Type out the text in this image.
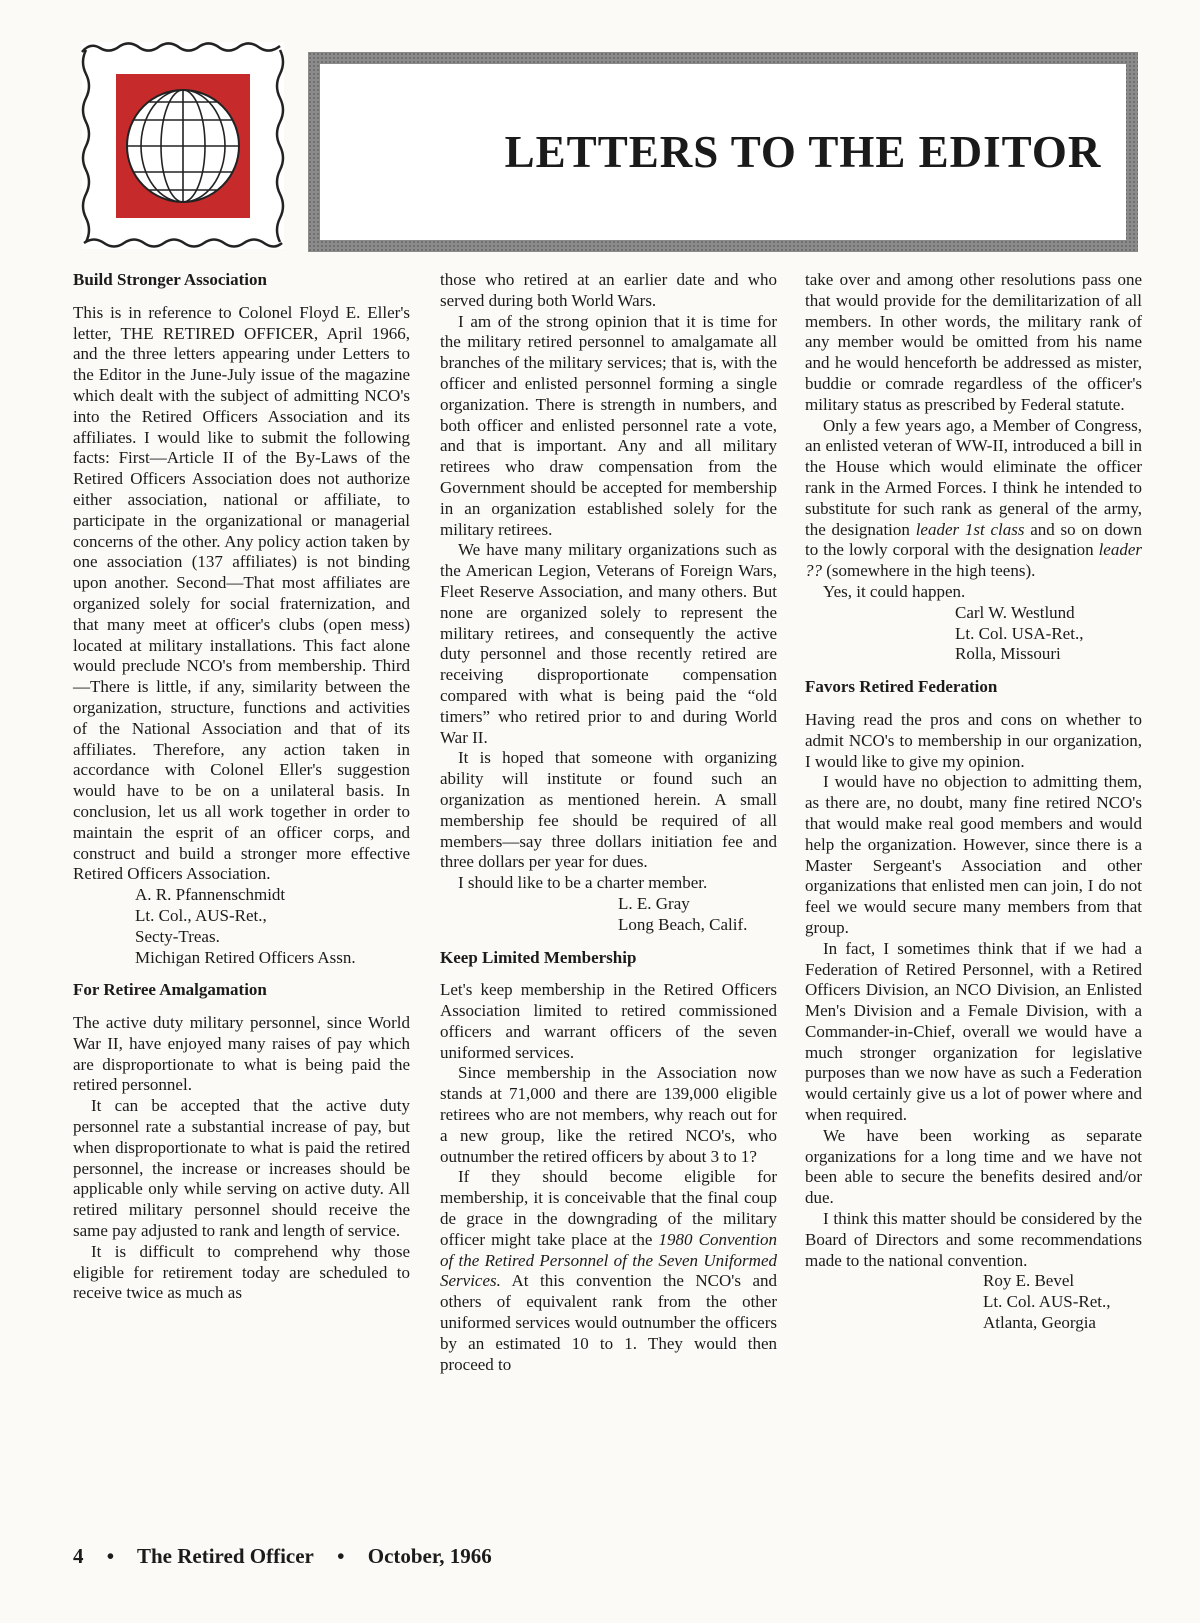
LETTERS TO THE EDITOR
Build Stronger Association

This is in reference to Colonel Floyd E. Eller's letter, THE RETIRED OFFICER, April 1966, and the three letters appearing under Letters to the Editor in the June-July issue of the magazine which dealt with the subject of admitting NCO's into the Retired Officers Association and its affiliates. I would like to submit the following facts: First—Article II of the By-Laws of the Retired Officers Association does not authorize either association, national or affiliate, to participate in the organizational or managerial concerns of the other. Any policy action taken by one association (137 affiliates) is not binding upon another. Second—That most affiliates are organized solely for social fraternization, and that many meet at officer's clubs (open mess) located at military installations. This fact alone would preclude NCO's from membership. Third—There is little, if any, similarity between the organization, structure, functions and activities of the National Association and that of its affiliates. Therefore, any action taken in accordance with Colonel Eller's suggestion would have to be on a unilateral basis. In conclusion, let us all work together in order to maintain the esprit of an officer corps, and construct and build a stronger more effective Retired Officers Association.

A. R. Pfannenschmidt
Lt. Col., AUS-Ret.,
Secty-Treas.
Michigan Retired Officers Assn.
For Retiree Amalgamation

The active duty military personnel, since World War II, have enjoyed many raises of pay which are disproportionate to what is being paid the retired personnel.

It can be accepted that the active duty personnel rate a substantial increase of pay, but when disproportionate to what is paid the retired personnel, the increase or increases should be applicable only while serving on active duty. All retired military personnel should receive the same pay adjusted to rank and length of service.

It is difficult to comprehend why those eligible for retirement today are scheduled to receive twice as much as

those who retired at an earlier date and who served during both World Wars.

I am of the strong opinion that it is time for the military retired personnel to amalgamate all branches of the military services; that is, with the officer and enlisted personnel forming a single organization. There is strength in numbers, and both officer and enlisted personnel rate a vote, and that is important. Any and all military retirees who draw compensation from the Government should be accepted for membership in an organization established solely for the military retirees.

We have many military organizations such as the American Legion, Veterans of Foreign Wars, Fleet Reserve Association, and many others. But none are organized solely to represent the military retirees, and consequently the active duty personnel and those recently retired are receiving disproportionate compensation compared with what is being paid the “old timers” who retired prior to and during World War II.

It is hoped that someone with organizing ability will institute or found such an organization as mentioned herein. A small membership fee should be required of all members—say three dollars initiation fee and three dollars per year for dues.

I should like to be a charter member.

L. E. Gray
Long Beach, Calif.
Keep Limited Membership

Let's keep membership in the Retired Officers Association limited to retired commissioned officers and warrant officers of the seven uniformed services.

Since membership in the Association now stands at 71,000 and there are 139,000 eligible retirees who are not members, why reach out for a new group, like the retired NCO's, who outnumber the retired officers by about 3 to 1?

If they should become eligible for membership, it is conceivable that the final coup de grace in the downgrading of the military officer might take place at the 1980 Convention of the Retired Personnel of the Seven Uniformed Services. At this convention the NCO's and others of equivalent rank from the other uniformed services would outnumber the officers by an estimated 10 to 1. They would then proceed to

take over and among other resolutions pass one that would provide for the demilitarization of all members. In other words, the military rank of any member would be omitted from his name and he would henceforth be addressed as mister, buddie or comrade regardless of the officer's military status as prescribed by Federal statute.

Only a few years ago, a Member of Congress, an enlisted veteran of WW-II, introduced a bill in the House which would eliminate the officer rank in the Armed Forces. I think he intended to substitute for such rank as general of the army, the designation leader 1st class and so on down to the lowly corporal with the designation leader ?? (somewhere in the high teens).

Yes, it could happen.

Carl W. Westlund
Lt. Col. USA-Ret.,
Rolla, Missouri
Favors Retired Federation

Having read the pros and cons on whether to admit NCO's to membership in our organization, I would like to give my opinion.

I would have no objection to admitting them, as there are, no doubt, many fine retired NCO's that would make real good members and would help the organization. However, since there is a Master Sergeant's Association and other organizations that enlisted men can join, I do not feel we would secure many members from that group.

In fact, I sometimes think that if we had a Federation of Retired Personnel, with a Retired Officers Division, an NCO Division, an Enlisted Men's Division and a Female Division, with a Commander-in-Chief, overall we would have a much stronger organization for legislative purposes than we now have as such a Federation would certainly give us a lot of power where and when required.

We have been working as separate organizations for a long time and we have not been able to secure the benefits desired and/or due.

I think this matter should be considered by the Board of Directors and some recommendations made to the national convention.

Roy E. Bevel
Lt. Col. AUS-Ret.,
Atlanta, Georgia
4 • The Retired Officer • October, 1966
